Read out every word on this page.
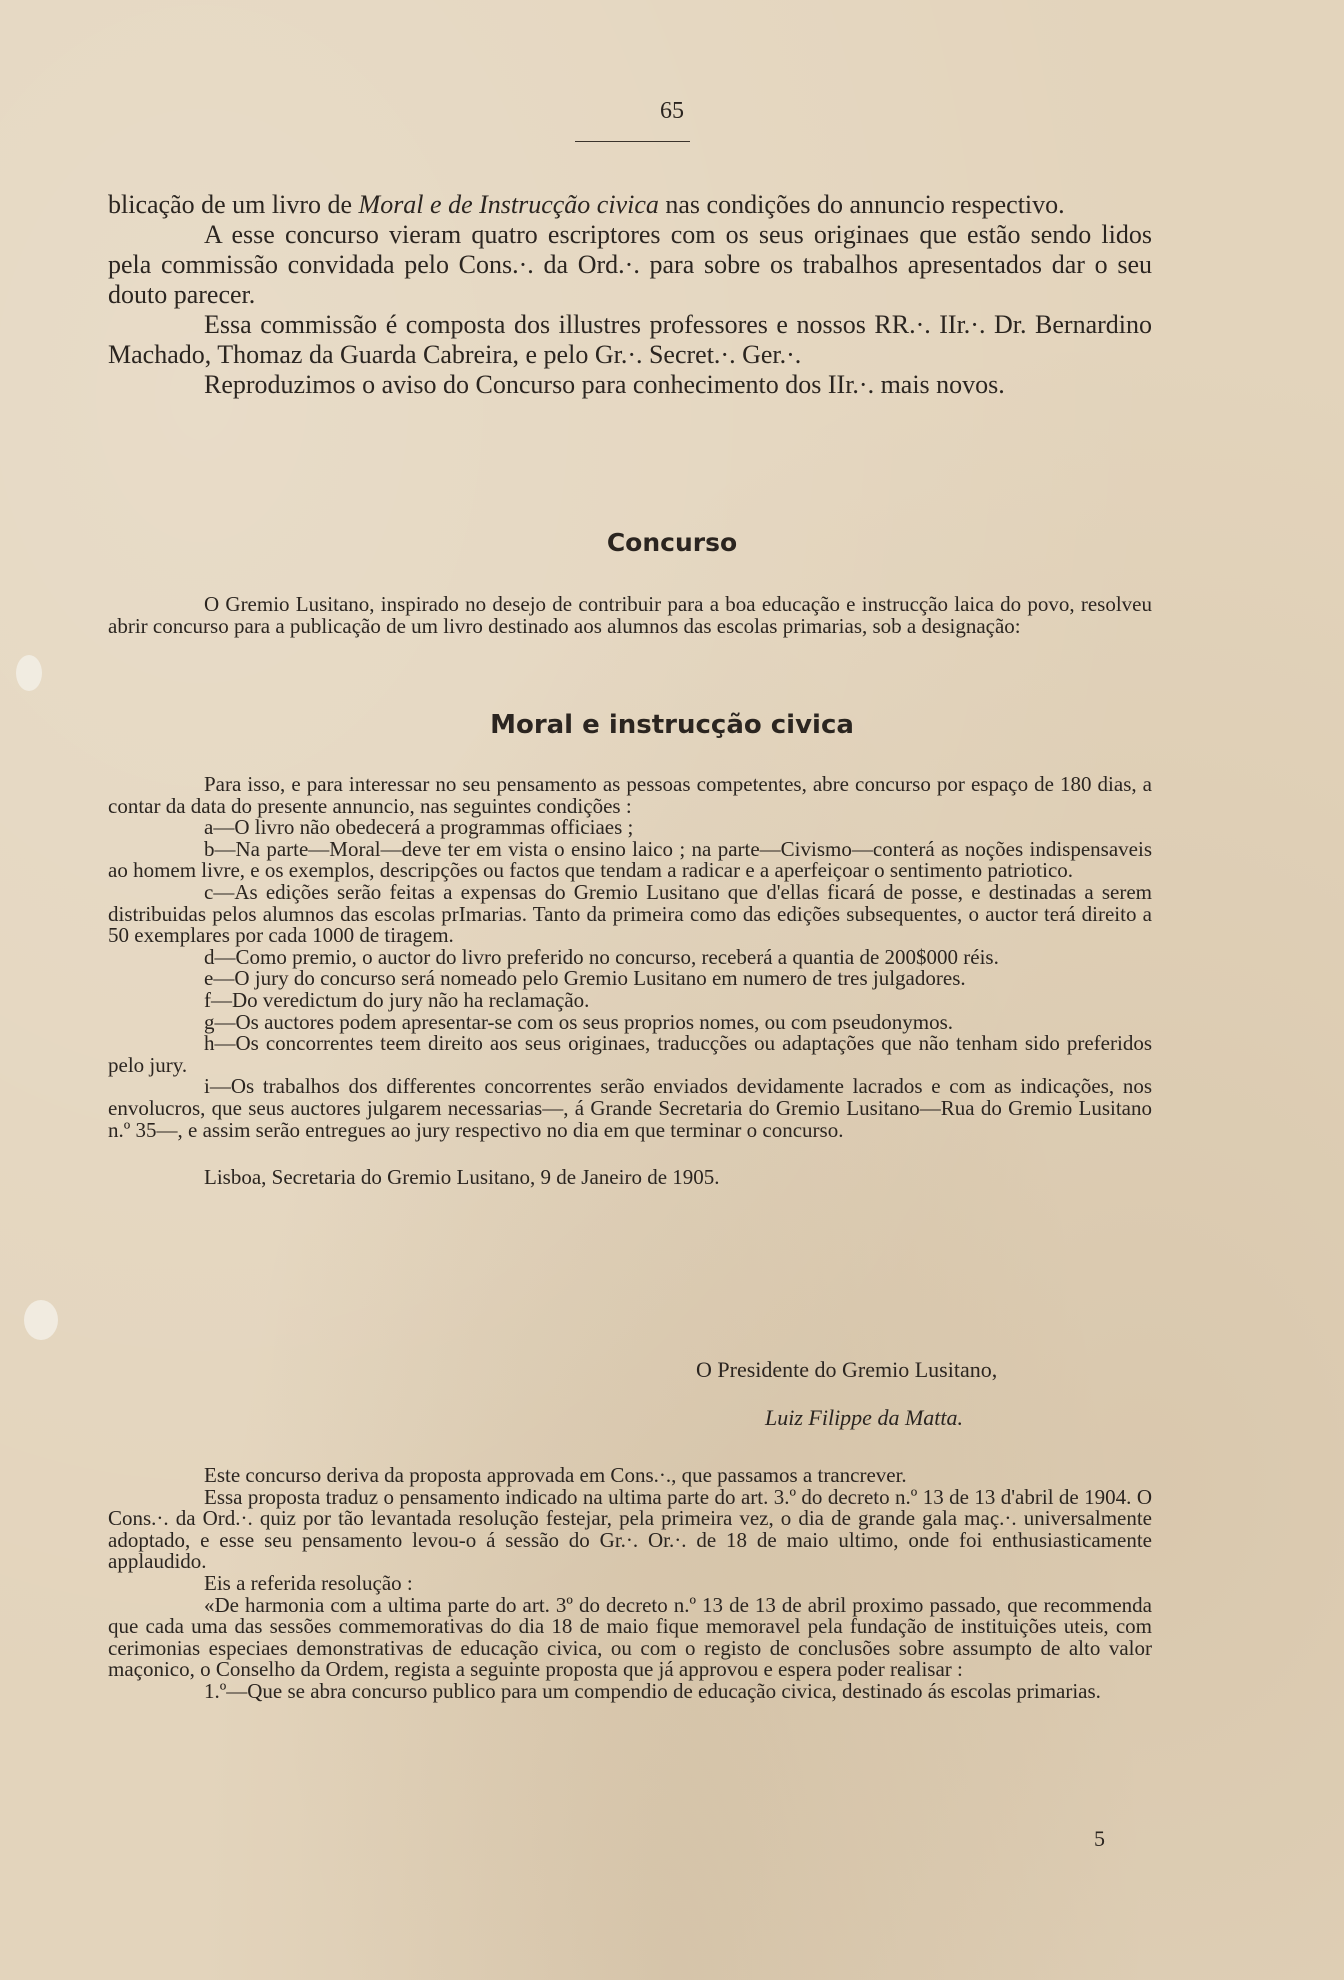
65

blicação de um livro de Moral e de Instrucção civica nas condições do annuncio respectivo.

A esse concurso vieram quatro escriptores com os seus originaes que estão sendo lidos pela commissão convidada pelo Cons.·. da Ord.·. para sobre os trabalhos apresentados dar o seu douto parecer.

Essa commissão é composta dos illustres professores e nossos RR.·. IIr.·. Dr. Bernardino Machado, Thomaz da Guarda Cabreira, e pelo Gr.·. Secret.·. Ger.·.

Reproduzimos o aviso do Concurso para conhecimento dos IIr.·. mais novos.

Concurso

O Gremio Lusitano, inspirado no desejo de contribuir para a boa educação e instrucção laica do povo, resolveu abrir concurso para a publicação de um livro destinado aos alumnos das escolas primarias, sob a designação:

Moral e instrucção civica

Para isso, e para interessar no seu pensamento as pessoas competentes, abre concurso por espaço de 180 dias, a contar da data do presente annuncio, nas seguintes condições :

a—O livro não obedecerá a programmas officiaes ;

b—Na parte—Moral—deve ter em vista o ensino laico ; na parte—Civismo—conterá as noções indispensaveis ao homem livre, e os exemplos, descripções ou factos que tendam a radicar e a aperfeiçoar o sentimento patriotico.

c—As edições serão feitas a expensas do Gremio Lusitano que d'ellas ficará de posse, e destinadas a serem distribuidas pelos alumnos das escolas prImarias. Tanto da primeira como das edições subsequentes, o auctor terá direito a 50 exemplares por cada 1000 de tiragem.

d—Como premio, o auctor do livro preferido no concurso, receberá a quantia de 200$000 réis.

e—O jury do concurso será nomeado pelo Gremio Lusitano em numero de tres julgadores.

f—Do veredictum do jury não ha reclamação.

g—Os auctores podem apresentar-se com os seus proprios nomes, ou com pseudonymos.

h—Os concorrentes teem direito aos seus originaes, traducções ou adaptações que não tenham sido preferidos pelo jury.

i—Os trabalhos dos differentes concorrentes serão enviados devidamente lacrados e com as indicações, nos envolucros, que seus auctores julgarem necessarias—, á Grande Secretaria do Gremio Lusitano—Rua do Gremio Lusitano n.º 35—, e assim serão entregues ao jury respectivo no dia em que terminar o concurso.

Lisboa, Secretaria do Gremio Lusitano, 9 de Janeiro de 1905.

O Presidente do Gremio Lusitano,
Luiz Filippe da Matta.

Este concurso deriva da proposta approvada em Cons.·., que passamos a trancrever.

Essa proposta traduz o pensamento indicado na ultima parte do art. 3.º do decreto n.º 13 de 13 d'abril de 1904. O Cons.·. da Ord.·. quiz por tão levantada resolução festejar, pela primeira vez, o dia de grande gala maç.·. universalmente adoptado, e esse seu pensamento levou-o á sessão do Gr.·. Or.·. de 18 de maio ultimo, onde foi enthusiasticamente applaudido.

Eis a referida resolução :

«De harmonia com a ultima parte do art. 3º do decreto n.º 13 de 13 de abril proximo passado, que recommenda que cada uma das sessões commemorativas do dia 18 de maio fique memoravel pela fundação de instituições uteis, com cerimonias especiaes demonstrativas de educação civica, ou com o registo de conclusões sobre assumpto de alto valor maçonico, o Conselho da Ordem, regista a seguinte proposta que já approvou e espera poder realisar :

1.º—Que se abra concurso publico para um compendio de educação civica, destinado ás escolas primarias.

5
